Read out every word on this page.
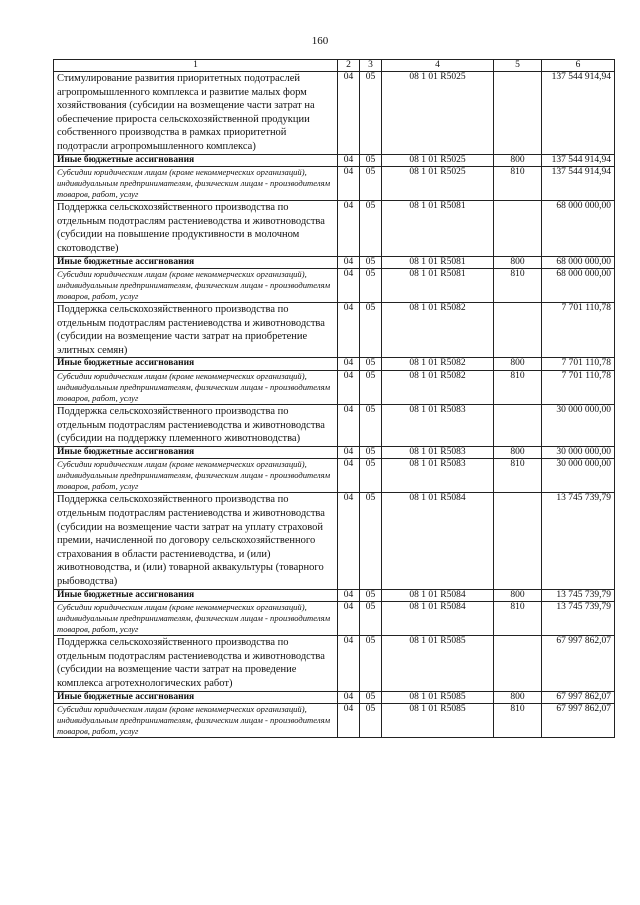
160
1	2	3	4	5	6
Стимулирование развития приоритетных подотраслей агропромышленного комплекса и развитие малых форм хозяйствования (субсидии на возмещение части затрат на обеспечение прироста сельскохозяйственной продукции собственного производства в рамках приоритетной подотрасли агропромышленного комплекса)	04	05	08 1 01 R5025		137 544 914,94
Иные бюджетные ассигнования	04	05	08 1 01 R5025	800	137 544 914,94
Субсидии юридическим лицам (кроме некоммерческих организаций), индивидуальным предпринимателям, физическим лицам - производителям товаров, работ, услуг	04	05	08 1 01 R5025	810	137 544 914,94
Поддержка сельскохозяйственного производства по отдельным подотраслям растениеводства и животноводства (субсидии на повышение продуктивности в молочном скотоводстве)	04	05	08 1 01 R5081		68 000 000,00
Иные бюджетные ассигнования	04	05	08 1 01 R5081	800	68 000 000,00
Субсидии юридическим лицам (кроме некоммерческих организаций), индивидуальным предпринимателям, физическим лицам - производителям товаров, работ, услуг	04	05	08 1 01 R5081	810	68 000 000,00
Поддержка сельскохозяйственного производства по отдельным подотраслям растениеводства и животноводства (субсидии на возмещение части затрат на приобретение элитных семян)	04	05	08 1 01 R5082		7 701 110,78
Иные бюджетные ассигнования	04	05	08 1 01 R5082	800	7 701 110,78
Субсидии юридическим лицам (кроме некоммерческих организаций), индивидуальным предпринимателям, физическим лицам - производителям товаров, работ, услуг	04	05	08 1 01 R5082	810	7 701 110,78
Поддержка сельскохозяйственного производства по отдельным подотраслям растениеводства и животноводства (субсидии на поддержку племенного животноводства)	04	05	08 1 01 R5083		30 000 000,00
Иные бюджетные ассигнования	04	05	08 1 01 R5083	800	30 000 000,00
Субсидии юридическим лицам (кроме некоммерческих организаций), индивидуальным предпринимателям, физическим лицам - производителям товаров, работ, услуг	04	05	08 1 01 R5083	810	30 000 000,00
Поддержка сельскохозяйственного производства по отдельным подотраслям растениеводства и животноводства (субсидии на возмещение части затрат на уплату страховой премии, начисленной по договору сельскохозяйственного страхования в области растениеводства, и (или) животноводства, и (или) товарной аквакультуры (товарного рыбоводства)	04	05	08 1 01 R5084		13 745 739,79
Иные бюджетные ассигнования	04	05	08 1 01 R5084	800	13 745 739,79
Субсидии юридическим лицам (кроме некоммерческих организаций), индивидуальным предпринимателям, физическим лицам - производителям товаров, работ, услуг	04	05	08 1 01 R5084	810	13 745 739,79
Поддержка сельскохозяйственного производства по отдельным подотраслям растениеводства и животноводства (субсидии на возмещение части затрат на проведение комплекса агротехнологических работ)	04	05	08 1 01 R5085		67 997 862,07
Иные бюджетные ассигнования	04	05	08 1 01 R5085	800	67 997 862,07
Субсидии юридическим лицам (кроме некоммерческих организаций), индивидуальным предпринимателям, физическим лицам - производителям товаров, работ, услуг	04	05	08 1 01 R5085	810	67 997 862,07
